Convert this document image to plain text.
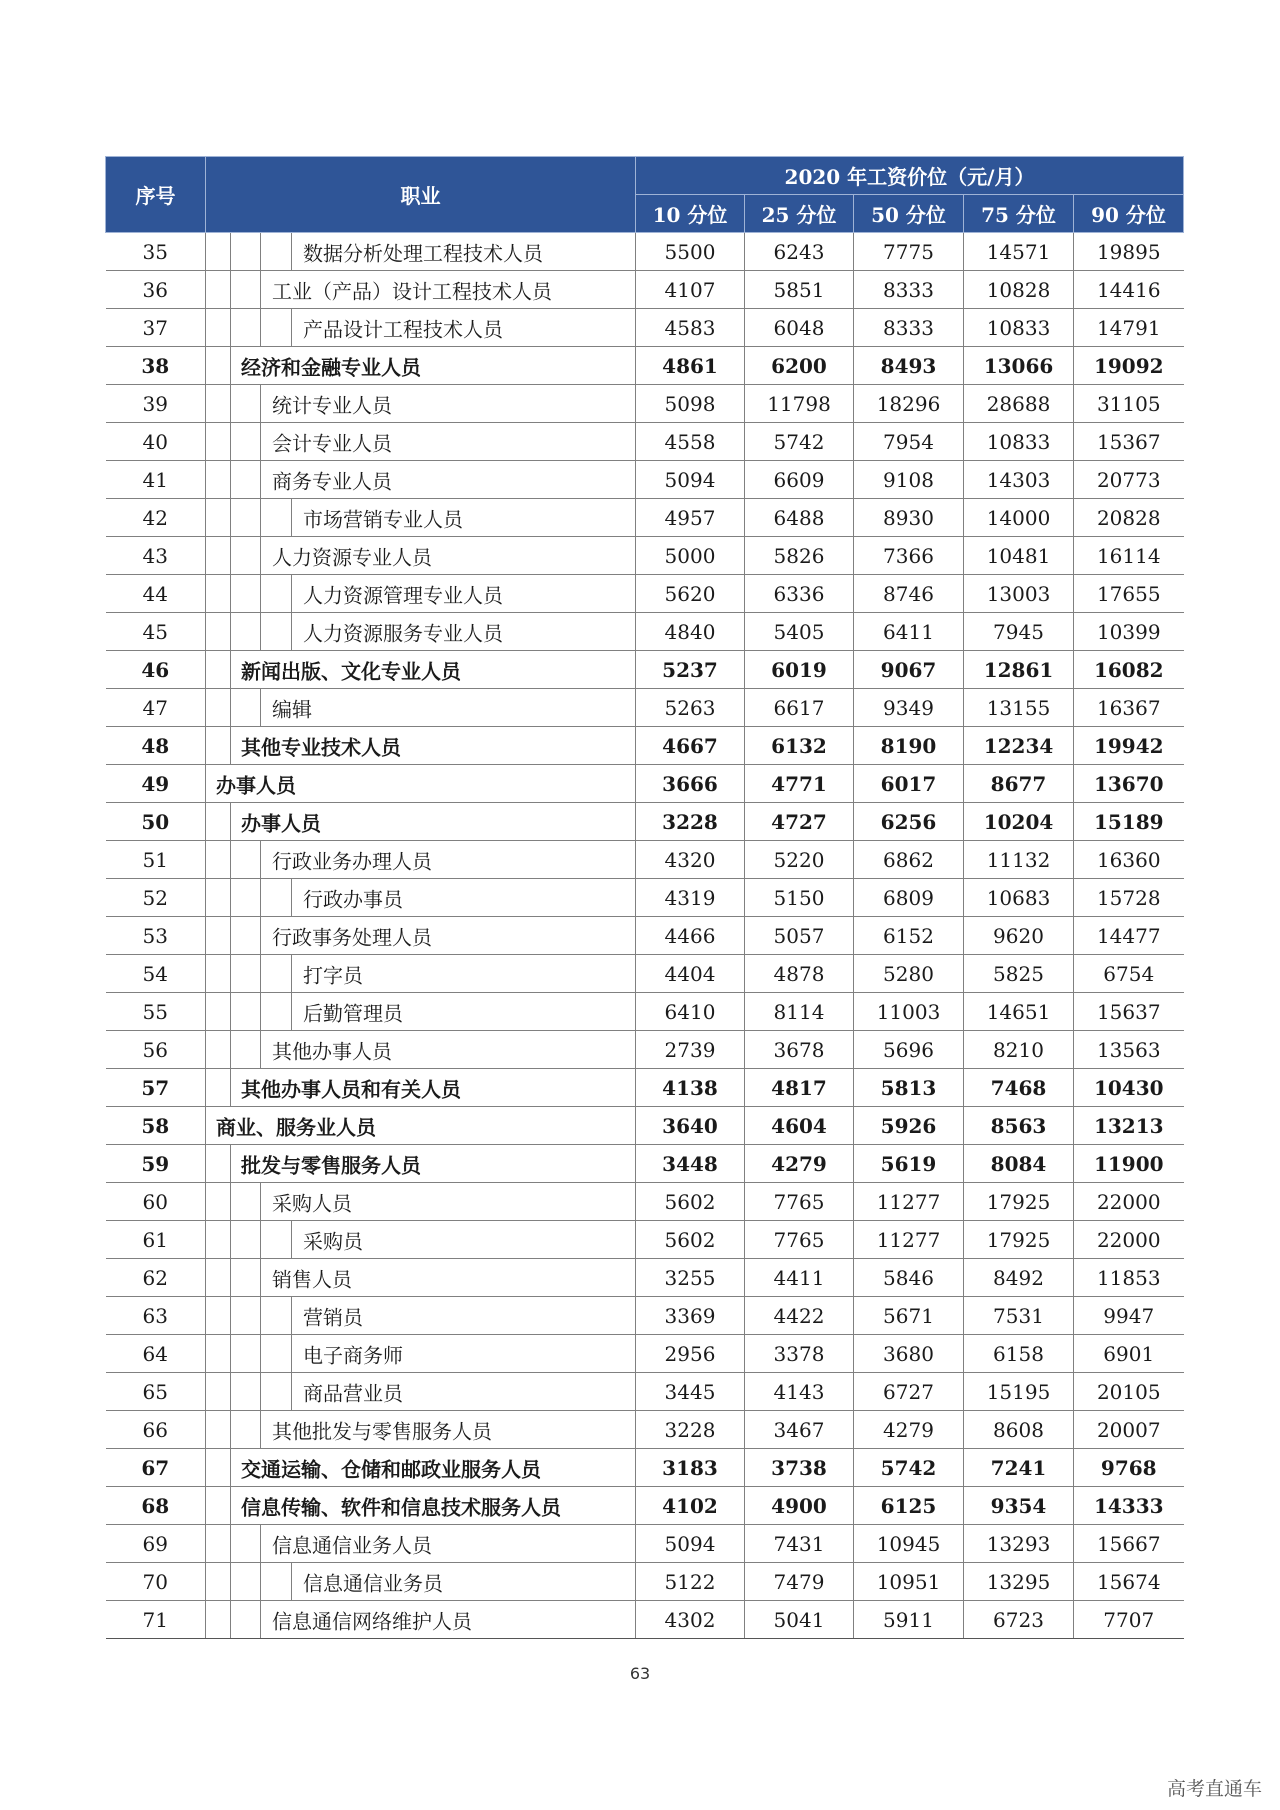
序号	职业	2020 年工资价位（元/月）				
		10 分位	25 分位	50 分位	75 分位	90 分位
35	数据分析处理工程技术人员	5500	6243	7775	14571	19895
36	工业（产品）设计工程技术人员	4107	5851	8333	10828	14416
37	产品设计工程技术人员	4583	6048	8333	10833	14791
38	经济和金融专业人员	4861	6200	8493	13066	19092
39	统计专业人员	5098	11798	18296	28688	31105
40	会计专业人员	4558	5742	7954	10833	15367
41	商务专业人员	5094	6609	9108	14303	20773
42	市场营销专业人员	4957	6488	8930	14000	20828
43	人力资源专业人员	5000	5826	7366	10481	16114
44	人力资源管理专业人员	5620	6336	8746	13003	17655
45	人力资源服务专业人员	4840	5405	6411	7945	10399
46	新闻出版、文化专业人员	5237	6019	9067	12861	16082
47	编辑	5263	6617	9349	13155	16367
48	其他专业技术人员	4667	6132	8190	12234	19942
49	办事人员	3666	4771	6017	8677	13670
50	办事人员	3228	4727	6256	10204	15189
51	行政业务办理人员	4320	5220	6862	11132	16360
52	行政办事员	4319	5150	6809	10683	15728
53	行政事务处理人员	4466	5057	6152	9620	14477
54	打字员	4404	4878	5280	5825	6754
55	后勤管理员	6410	8114	11003	14651	15637
56	其他办事人员	2739	3678	5696	8210	13563
57	其他办事人员和有关人员	4138	4817	5813	7468	10430
58	商业、服务业人员	3640	4604	5926	8563	13213
59	批发与零售服务人员	3448	4279	5619	8084	11900
60	采购人员	5602	7765	11277	17925	22000
61	采购员	5602	7765	11277	17925	22000
62	销售人员	3255	4411	5846	8492	11853
63	营销员	3369	4422	5671	7531	9947
64	电子商务师	2956	3378	3680	6158	6901
65	商品营业员	3445	4143	6727	15195	20105
66	其他批发与零售服务人员	3228	3467	4279	8608	20007
67	交通运输、仓储和邮政业服务人员	3183	3738	5742	7241	9768
68	信息传输、软件和信息技术服务人员	4102	4900	6125	9354	14333
69	信息通信业务人员	5094	7431	10945	13293	15667
70	信息通信业务员	5122	7479	10951	13295	15674
71	信息通信网络维护人员	4302	5041	5911	6723	7707
63
高考直通车
